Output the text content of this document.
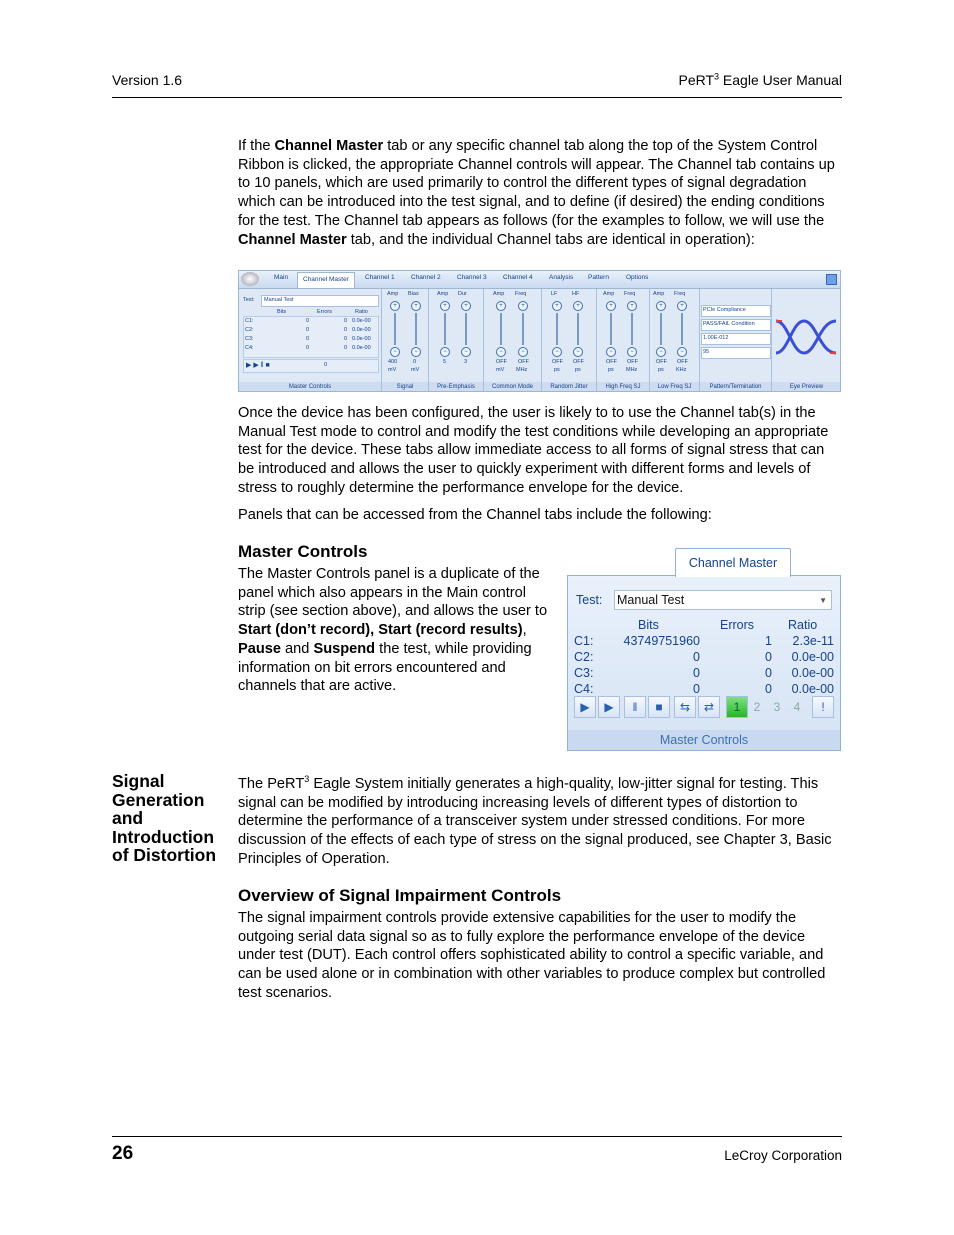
Version 1.6	PeRT$^3$ Eagle User Manual

If the Channel Master tab or any specific channel tab along the top of the System Control Ribbon is clicked, the appropriate Channel controls will appear. The Channel tab contains up to 10 panels, which are used primarily to control the different types of signal degradation which can be introduced into the test signal, and to define (if desired) the ending conditions for the test. The Channel tab appears as follows (for the examples to follow, we will use the Channel Master tab, and the individual Channel tabs are identical in operation):

Main	Channel Master	Channel 1	Channel 2	Channel 3	Channel 4	Analysis Pattern	Options
Test: Manual Test
Bits	Errors	Ratio
C1:	0	0 0.0e-00
C2:	0	0 0.0e-00
C3:	0	0 0.0e-00
C4:	0	0 0.0e-00
▶ ▶ ‖ ■	0
Master Controls
Amp Bias
+	+
−	−
400	0
mV	mV
Signal
Amp Dur
+	+
−	−
5	3
Pre-Emphasis
Amp Freq
+	+
−	−
OFF OFF
mV MHz
Common Mode
LF	HF
+	+
−	−
OFF OFF
ps	ps
Random Jitter
Amp Freq
+	+
−	−
OFF OFF
ps MHz
High Freq SJ
Amp Freq
+	+
−	−
OFF OFF
ps KHz
Low Freq SJ
PCIe Compliance
PASS/FAIL Condition
1.00E-012
95
Pattern/Termination	Eye Preview

Once the device has been configured, the user is likely to to use the Channel tab(s) in the Manual Test mode to control and modify the test conditions while developing an appropriate test for the device. These tabs allow immediate access to all forms of signal stress that can be introduced and allows the user to quickly experiment with different forms and levels of stress to roughly determine the performance envelope for the device.

Panels that can be accessed from the Channel tabs include the following:

Master Controls

The Master Controls panel is a duplicate of the panel which also appears in the Main control strip (see section above), and allows the user to Start (don’t record), Start (record results), Pause and Suspend the test, while providing information on bit errors encountered and channels that are active.

Channel Master
Test: Manual Test	▼
Bits	Errors	Ratio
C1: 43749751960	1 2.3e-11
C2:	0	0 0.0e-00
C3:	0	0 0.0e-00
C4:	0	0 0.0e-00
▶	▶	‖	■	⇆	⇄	1	2	3	4	!
Master Controls
Signal Generation and Introduction of Distortion

The PeRT$^3$ Eagle System initially generates a high-quality, low-jitter signal for testing. This signal can be modified by introducing increasing levels of different types of distortion to determine the performance of a transceiver system under stressed conditions. For more discussion of the effects of each type of stress on the signal produced, see Chapter 3, Basic Principles of Operation.

Overview of Signal Impairment Controls

The signal impairment controls provide extensive capabilities for the user to modify the outgoing serial data signal so as to fully explore the performance envelope of the device under test (DUT). Each control offers sophisticated ability to control a specific variable, and can be used alone or in combination with other variables to produce complex but controlled test scenarios.

26	LeCroy Corporation
